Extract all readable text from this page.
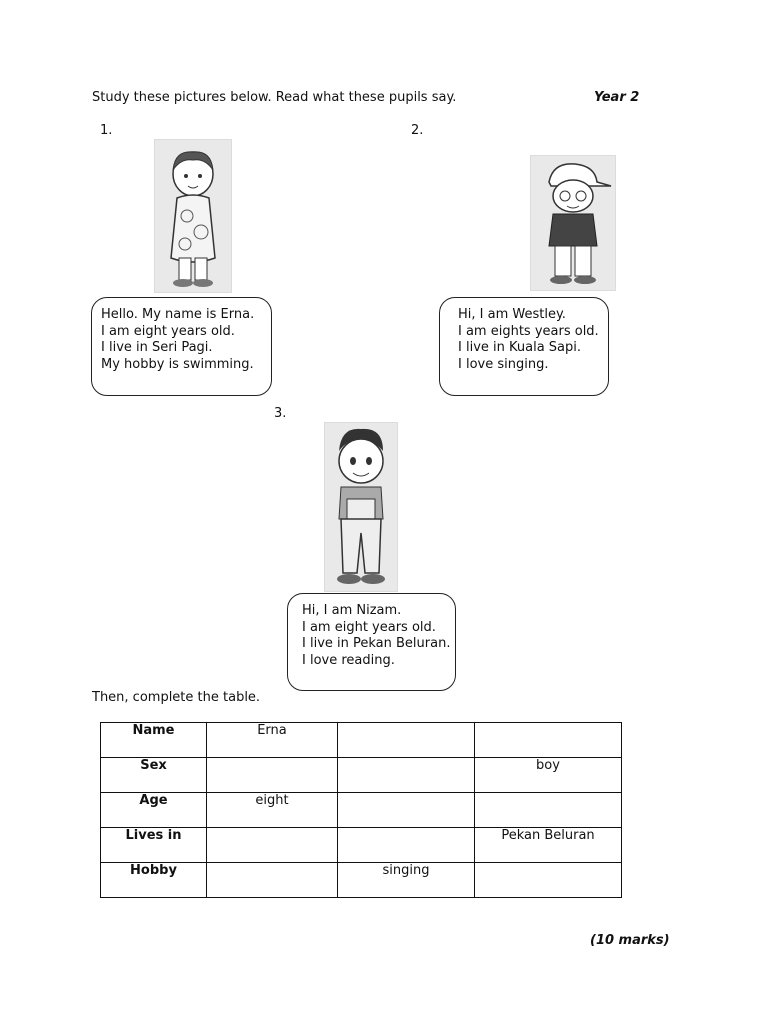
Study these pictures below. Read what these pupils say.	Year 2
1.
Hello. My name is Erna.
I am eight years old.
I live in Seri Pagi.
My hobby is swimming.
2.
Hi, I am Westley.
I am eights years old.
I live in Kuala Sapi.
I love singing.
3.
Hi, I am Nizam.
I am eight years old.
I live in Pekan Beluran.
I love reading.
Then, complete the table.
Name	Erna		
Sex			boy
Age	eight		
Lives in			Pekan Beluran
Hobby		singing	
(10 marks)
